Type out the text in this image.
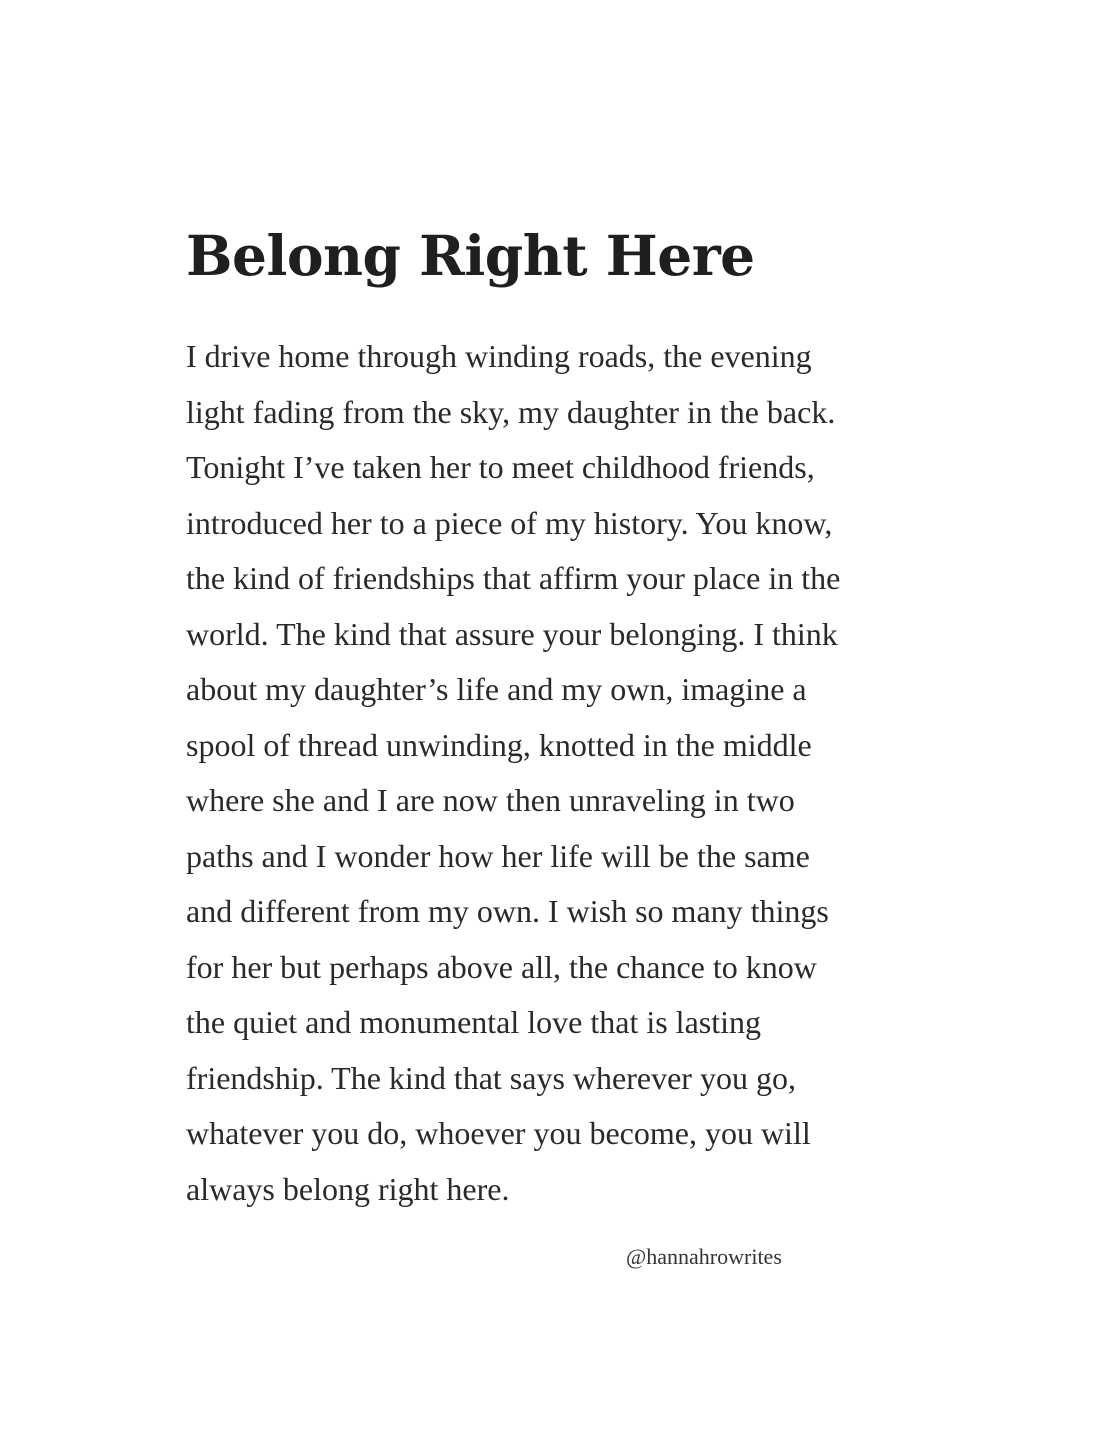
Belong Right Here
I drive home through winding roads, the evening
light fading from the sky, my daughter in the back.
Tonight I’ve taken her to meet childhood friends,
introduced her to a piece of my history. You know,
the kind of friendships that affirm your place in the
world. The kind that assure your belonging. I think
about my daughter’s life and my own, imagine a
spool of thread unwinding, knotted in the middle
where she and I are now then unraveling in two
paths and I wonder how her life will be the same
and different from my own. I wish so many things
for her but perhaps above all, the chance to know
the quiet and monumental love that is lasting
friendship. The kind that says wherever you go,
whatever you do, whoever you become, you will
always belong right here.
@hannahrowrites
